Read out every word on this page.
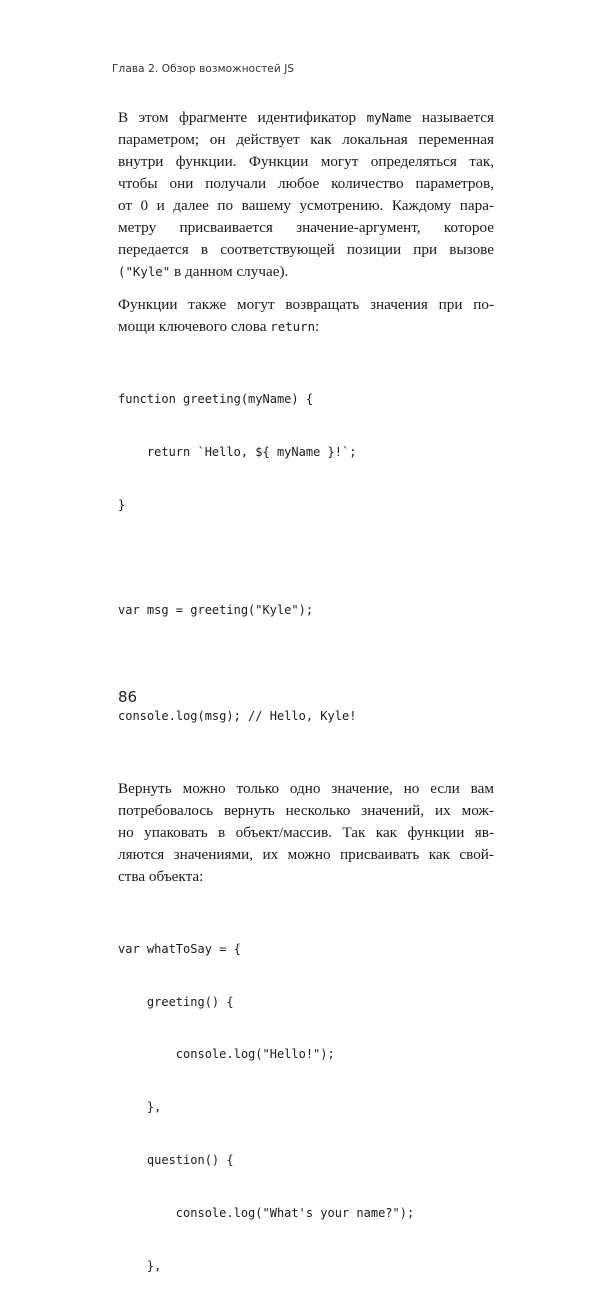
Глава 2. Обзор возможностей JS

В этом фрагменте идентификатор myName называется
параметром; он действует как локальная переменная
внутри функции. Функции могут определяться так,
чтобы они получали любое количество параметров,
от 0 и далее по вашему усмотрению. Каждому пара-
метру присваивается значение-аргумент, которое
передается в соответствующей позиции при вызове
("Kyle" в данном случае).

Функции также могут возвращать значения при по-
мощи ключевого слова return:

function greeting(myName) {

return `Hello, ${ myName }!`;

}

var msg = greeting("Kyle");

console.log(msg); // Hello, Kyle!

Вернуть можно только одно значение, но если вам
потребовалось вернуть несколько значений, их мож-
но упаковать в объект/массив. Так как функции яв-
ляются значениями, их можно присваивать как свой-
ства объекта:

var whatToSay = {

greeting() {

console.log("Hello!");

},

question() {

console.log("What's your name?");

},

86
